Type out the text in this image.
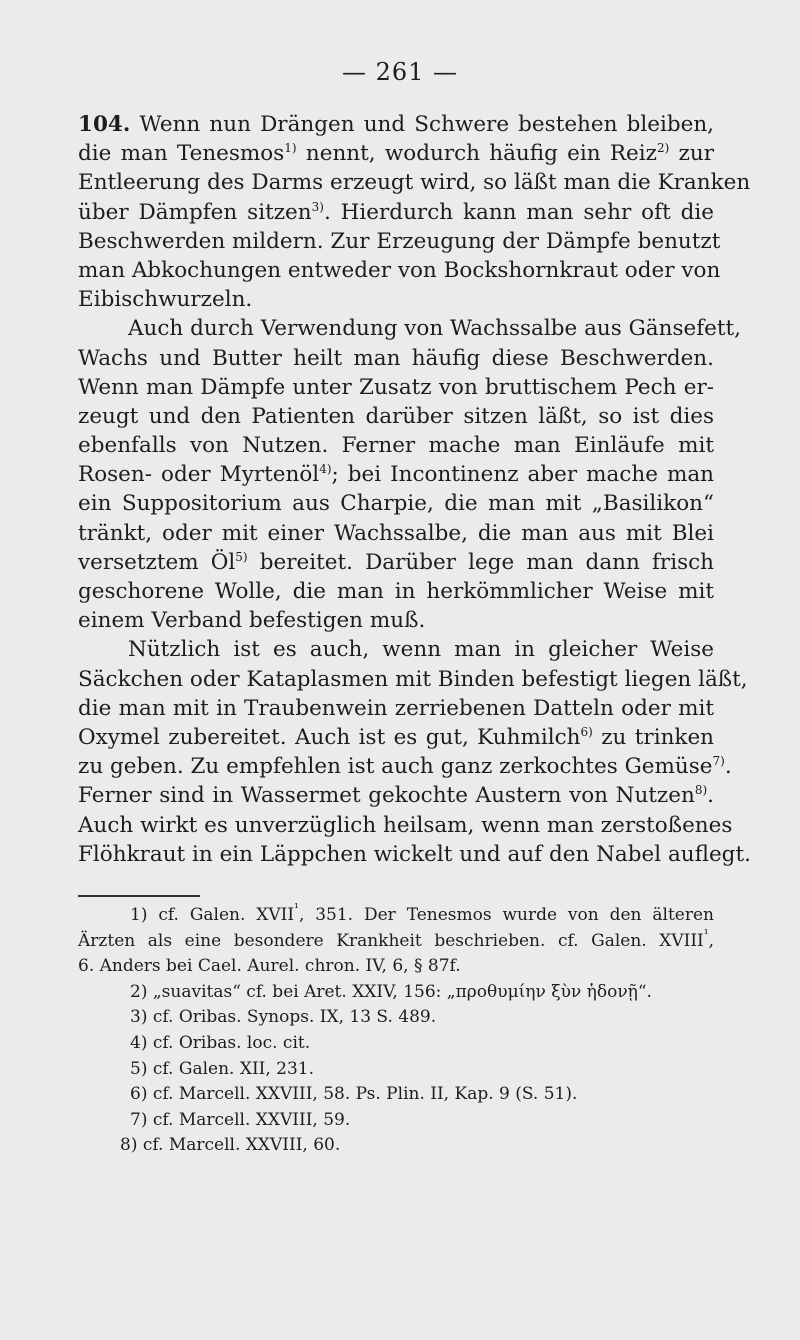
— 261 —
104. Wenn nun Drängen und Schwere bestehen bleiben,
die man Tenesmos$^{1)}$ nennt, wodurch häufig ein Reiz$^{2)}$ zur
Entleerung des Darms erzeugt wird, so läßt man die Kranken
über Dämpfen sitzen$^{3)}$. Hierdurch kann man sehr oft die
Beschwerden mildern. Zur Erzeugung der Dämpfe benutzt
man Abkochungen entweder von Bockshornkraut oder von
Eibischwurzeln.
Auch durch Verwendung von Wachssalbe aus Gänsefett,
Wachs und Butter heilt man häufig diese Beschwerden.
Wenn man Dämpfe unter Zusatz von bruttischem Pech er-
zeugt und den Patienten darüber sitzen läßt, so ist dies
ebenfalls von Nutzen. Ferner mache man Einläufe mit
Rosen- oder Myrtenöl$^{4)}$; bei Incontinenz aber mache man
ein Suppositorium aus Charpie, die man mit „Basilikon“
tränkt, oder mit einer Wachssalbe, die man aus mit Blei
versetztem $Öl^{5)}$ bereitet. Darüber lege man dann frisch
geschorene Wolle, die man in herkömmlicher Weise mit
einem Verband befestigen muß.
Nützlich ist es auch, wenn man in gleicher Weise
Säckchen oder Kataplasmen mit Binden befestigt liegen läßt,
die man mit in Traubenwein zerriebenen Datteln oder mit
Oxymel zubereitet. Auch ist es gut, Kuhmilch$^{6)}$ zu trinken
zu geben. Zu empfehlen ist auch ganz zerkochtes Gemüse$^{7)}$.
Ferner sind in Wassermet gekochte Austern von Nutzen$^{8)}$.
Auch wirkt es unverzüglich heilsam, wenn man zerstoßenes
Flöhkraut in ein Läppchen wickelt und auf den Nabel auflegt.
1) cf. Galen. $XVII^{^1}$, 351. Der Tenesmos wurde von den älteren
Ärzten als eine besondere Krankheit beschrieben. cf. Galen. $XVIII^{^1}$,
6. Anders bei Cael. Aurel. chron. IV, 6, § 87f.
2) „suavitas“ cf. bei Aret. XXIV, 156: „προθυμίην ξὺν ἡδονῇ“.
3) cf. Oribas. Synops. IX, 13 S. 489.
4) cf. Oribas. loc. cit.
5) cf. Galen. XII, 231.
6) cf. Marcell. XXVIII, 58. Ps. Plin. II, Kap. 9 (S. 51).
7) cf. Marcell. XXVIII, 59.
8) cf. Marcell. XXVIII, 60.
